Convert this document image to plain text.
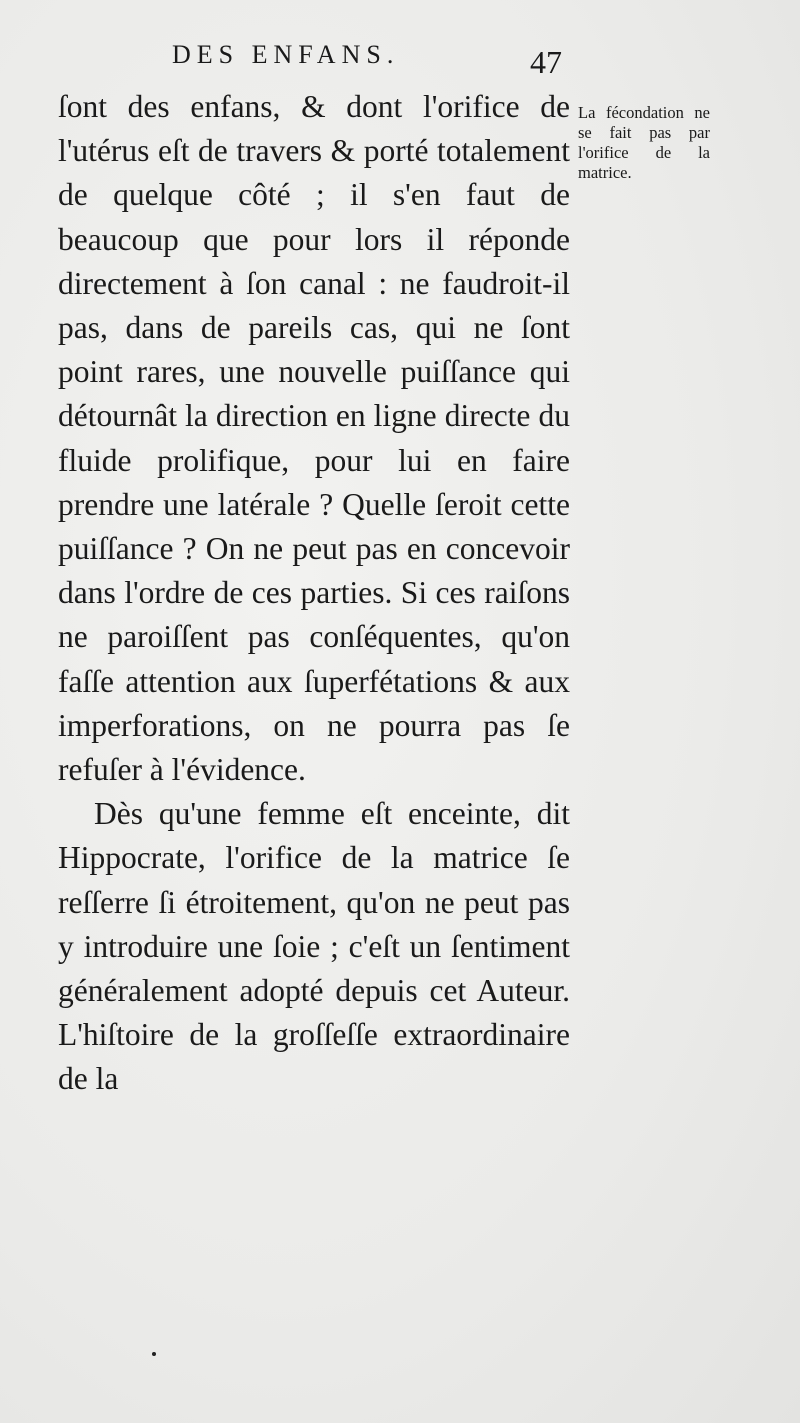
DES ENFANS.	47

ſont des enfans, & dont l'orifice de l'utérus eſt de travers & porté totalement de quelque côté ; il s'en faut de beaucoup que pour lors il réponde directement à ſon canal : ne faudroit-il pas, dans de pareils cas, qui ne ſont point rares, une nouvelle puiſſance qui détournât la direction en ligne directe du fluide prolifique, pour lui en faire prendre une latérale ? Quelle ſeroit cette puiſſance ? On ne peut pas en concevoir dans l'ordre de ces parties. Si ces raiſons ne paroiſſent pas conſéquentes, qu'on faſſe attention aux ſuperfétations & aux imperforations, on ne pourra pas ſe refuſer à l'évidence.

Dès qu'une femme eſt enceinte, dit Hippocrate, l'orifice de la matrice ſe reſſerre ſi étroitement, qu'on ne peut pas y introduire une ſoie ; c'eſt un ſentiment généralement adopté depuis cet Auteur. L'hiſtoire de la groſſeſſe extraordinaire de la

La fécondation ne se fait pas par l'orifice de la matrice.
